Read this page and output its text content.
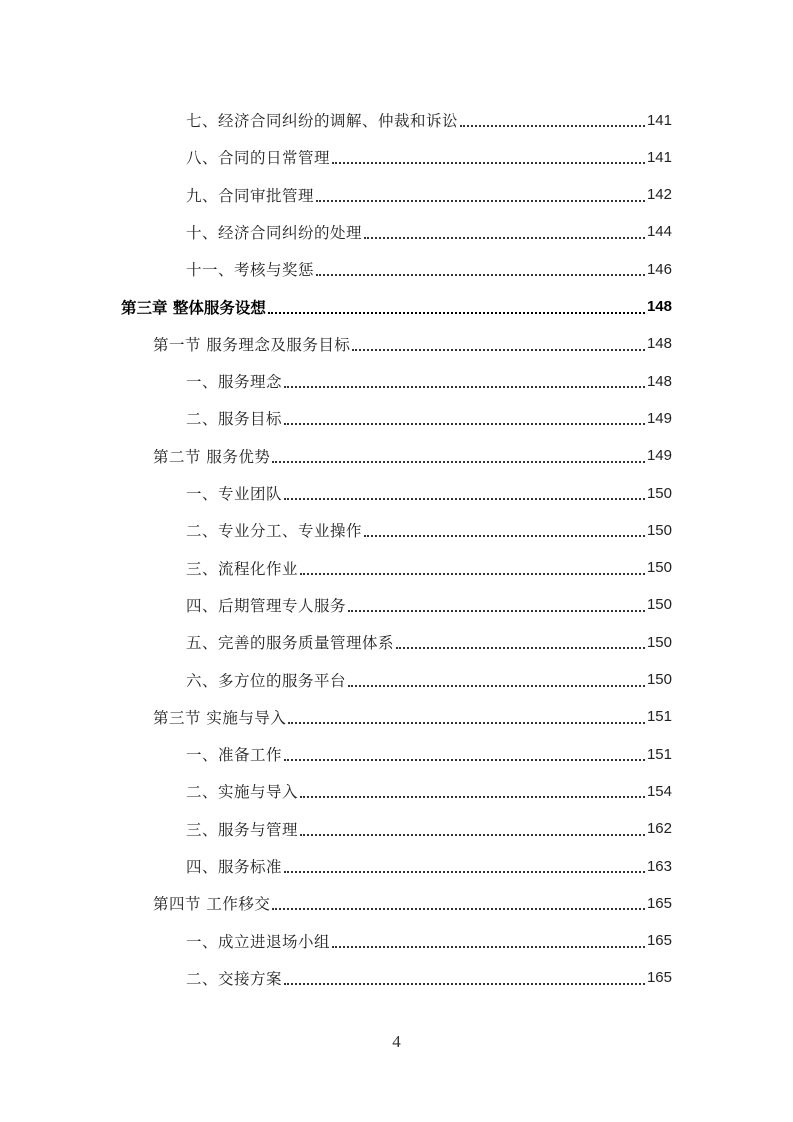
七、经济合同纠纷的调解、仲裁和诉讼	141
八、合同的日常管理	141
九、合同审批管理	142
十、经济合同纠纷的处理	144
十一、考核与奖惩	146
第三章 整体服务设想	148
第一节 服务理念及服务目标	148
一、服务理念	148
二、服务目标	149
第二节 服务优势	149
一、专业团队	150
二、专业分工、专业操作	150
三、流程化作业	150
四、后期管理专人服务	150
五、完善的服务质量管理体系	150
六、多方位的服务平台	150
第三节 实施与导入	151
一、准备工作	151
二、实施与导入	154
三、服务与管理	162
四、服务标准	163
第四节 工作移交	165
一、成立进退场小组	165
二、交接方案	165
4
